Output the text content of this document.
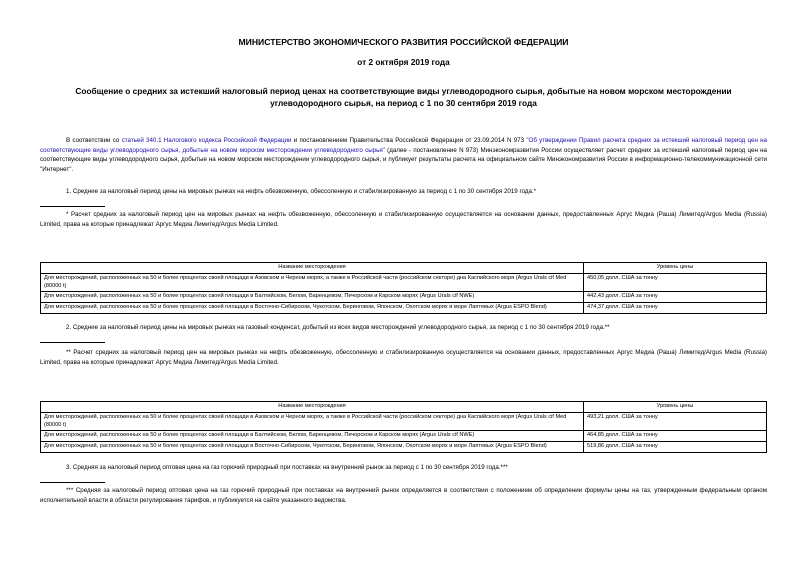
МИНИСТЕРСТВО ЭКОНОМИЧЕСКОГО РАЗВИТИЯ РОССИЙСКОЙ ФЕДЕРАЦИИ
от 2 октября 2019 года
Сообщение о средних за истекший налоговый период ценах на соответствующие виды углеводородного сырья, добытые на новом морском месторождении
углеводородного сырья, на период с 1 по 30 сентября 2019 года
В соответствии со статьей 340.1 Налогового кодекса Российской Федерации и постановлением Правительства Российской Федерации от 23.09.2014 N 973 "Об утверждении Правил расчета средних за истекший налоговый период цен на соответствующие виды углеводородного сырья, добытые на новом морском месторождении углеводородного сырья" (далее - постановление N 973) Минэкономразвития России осуществляет расчет средних за истекший налоговый период цен на соответствующие виды углеводородного сырья, добытые на новом морском месторождении углеводородного сырья, и публикует результаты расчета на официальном сайте Минэкономразвития России в информационно-телекоммуникационной сети "Интернет".
1. Средние за налоговый период цены на мировых рынках на нефть обезвоженную, обессоленную и стабилизированную за период с 1 по 30 сентября 2019 года.*
* Расчет средних за налоговый период цен на мировых рынках на нефть обезвоженную, обессоленную и стабилизированную осуществляется на основании данных, предоставленных Аргус Медиа (Раша) Лимитед/Argus Media (Russia) Limited, права на которые принадлежат Аргус Медиа Лимитед/Argus Media Limited.
Название месторождения	Уровень цены
Для месторождений, расположенных на 50 и более процентах своей площади в Азовском и Черном морях, а также в Российской части (российском секторе) дна Каспийского моря (Argus Urals cif Med (80000 t)	450,05 долл. США за тонну
Для месторождений, расположенных на 50 и более процентах своей площади в Балтийском, Белом, Баренцевом, Печорском и Карском морях (Argus Urals cif NWE)	442,43 долл. США за тонну
Для месторождений, расположенных на 50 и более процентах своей площади в Восточно-Сибирском, Чукотском, Беринговом, Японском, Охотском морях и море Лаптевых (Argus ESPO Blend)	474,37 долл. США за тонну
2. Средние за налоговый период цены на мировых рынках на газовый конденсат, добытый из всех видов месторождений углеводородного сырья, за период с 1 по 30 сентября 2019 года.**
** Расчет средних за налоговый период цен на мировых рынках на нефть обезвоженную, обессоленную и стабилизированную осуществляется на основании данных, предоставленных Аргус Медиа (Раша) Лимитед/Argus Media (Russia) Limited, права на которые принадлежат Аргус Медиа Лимитед/Argus Media Limited.
Название месторождения	Уровень цены
Для месторождений, расположенных на 50 и более процентах своей площади в Азовском и Черном морях, а также в Российской части (российском секторе) дна Каспийского моря (Argus Urals cif Med (80000 t)	493,21 долл. США за тонну
Для месторождений, расположенных на 50 и более процентах своей площади в Балтийском, Белом, Баренцевом, Печорском и Карском морях (Argus Urals cif NWE)	464,85 долл. США за тонну
Для месторождений, расположенных на 50 и более процентах своей площади в Восточно-Сибирском, Чукотском, Беринговом, Японском, Охотском морях и море Лаптевых (Argus ESPO Blend)	519,86 долл. США за тонну
3. Средняя за налоговый период оптовая цена на газ горючий природный при поставках на внутренний рынок за период с 1 по 30 сентября 2019 года.***
*** Средняя за налоговый период оптовая цена на газ горючий природный при поставках на внутренний рынок определяется в соответствии с положением об определении формулы цены на газ, утвержденным федеральным органом исполнительной власти в области регулирования тарифов, и публикуется на сайте указанного ведомства.
